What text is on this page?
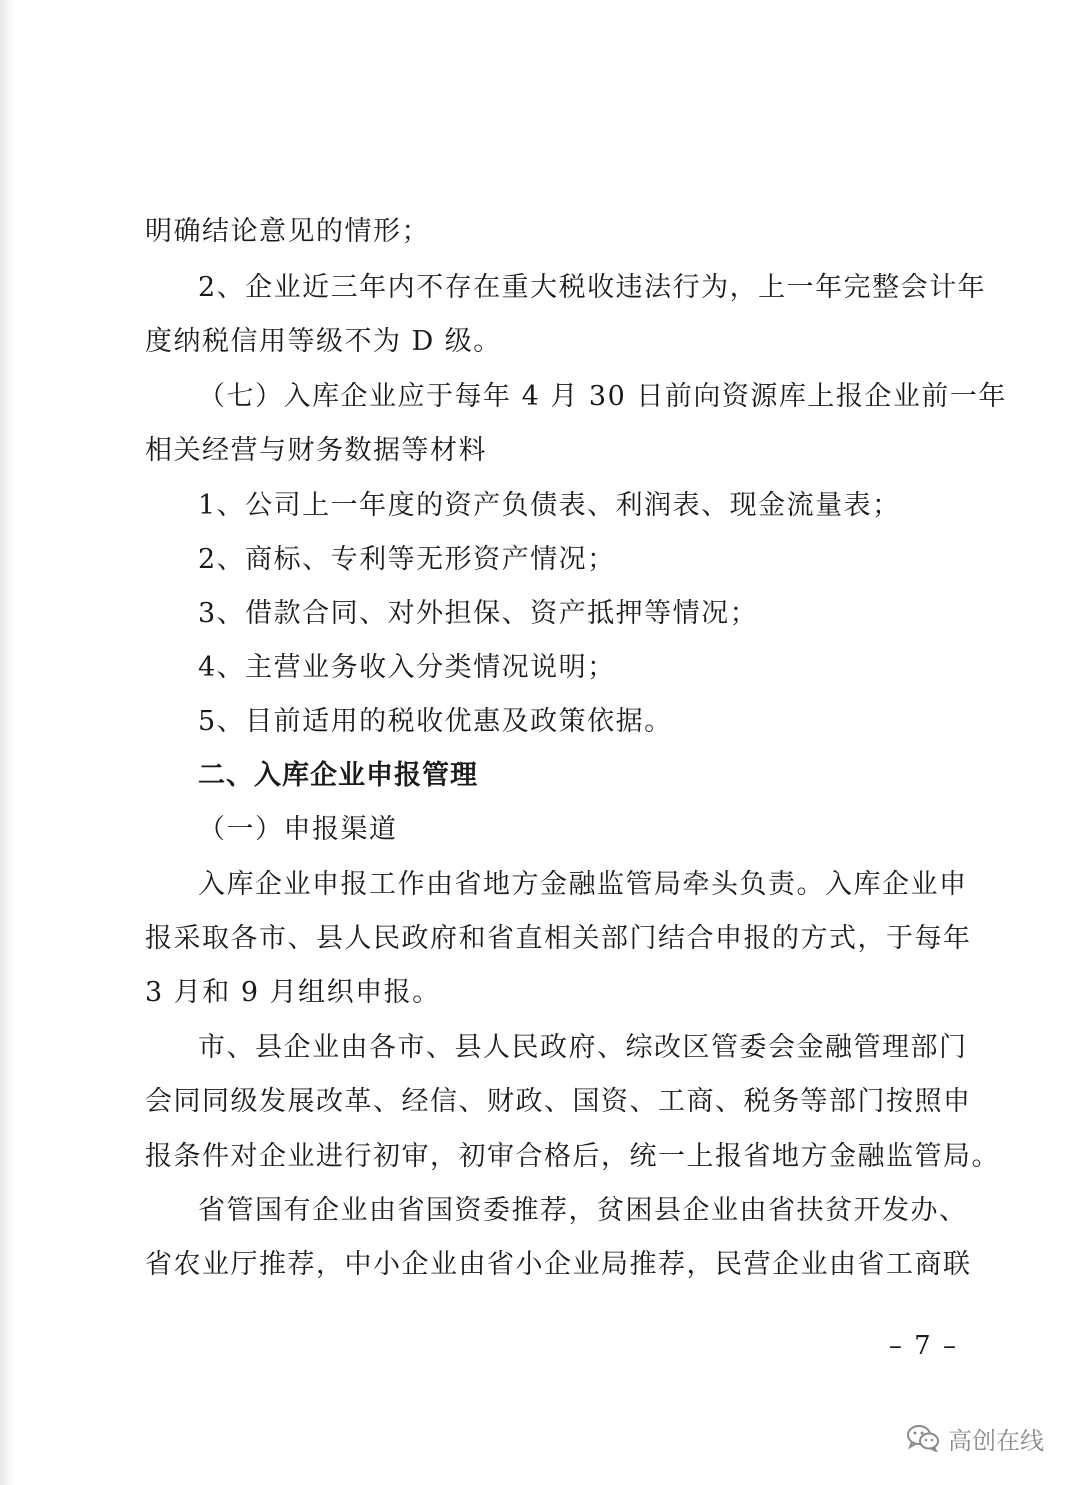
明确结论意见的情形；
2、企业近三年内不存在重大税收违法行为，上一年完整会计年
度纳税信用等级不为 D 级。
（七）入库企业应于每年 4 月 30 日前向资源库上报企业前一年
相关经营与财务数据等材料
1、公司上一年度的资产负债表、利润表、现金流量表；
2、商标、专利等无形资产情况；
3、借款合同、对外担保、资产抵押等情况；
4、主营业务收入分类情况说明；
5、目前适用的税收优惠及政策依据。
二、入库企业申报管理
（一）申报渠道
入库企业申报工作由省地方金融监管局牵头负责。入库企业申
报采取各市、县人民政府和省直相关部门结合申报的方式，于每年
3 月和 9 月组织申报。
市、县企业由各市、县人民政府、综改区管委会金融管理部门
会同同级发展改革、经信、财政、国资、工商、税务等部门按照申
报条件对企业进行初审，初审合格后，统一上报省地方金融监管局。
省管国有企业由省国资委推荐，贫困县企业由省扶贫开发办、
省农业厅推荐，中小企业由省小企业局推荐，民营企业由省工商联
– 7 –
高创在线
